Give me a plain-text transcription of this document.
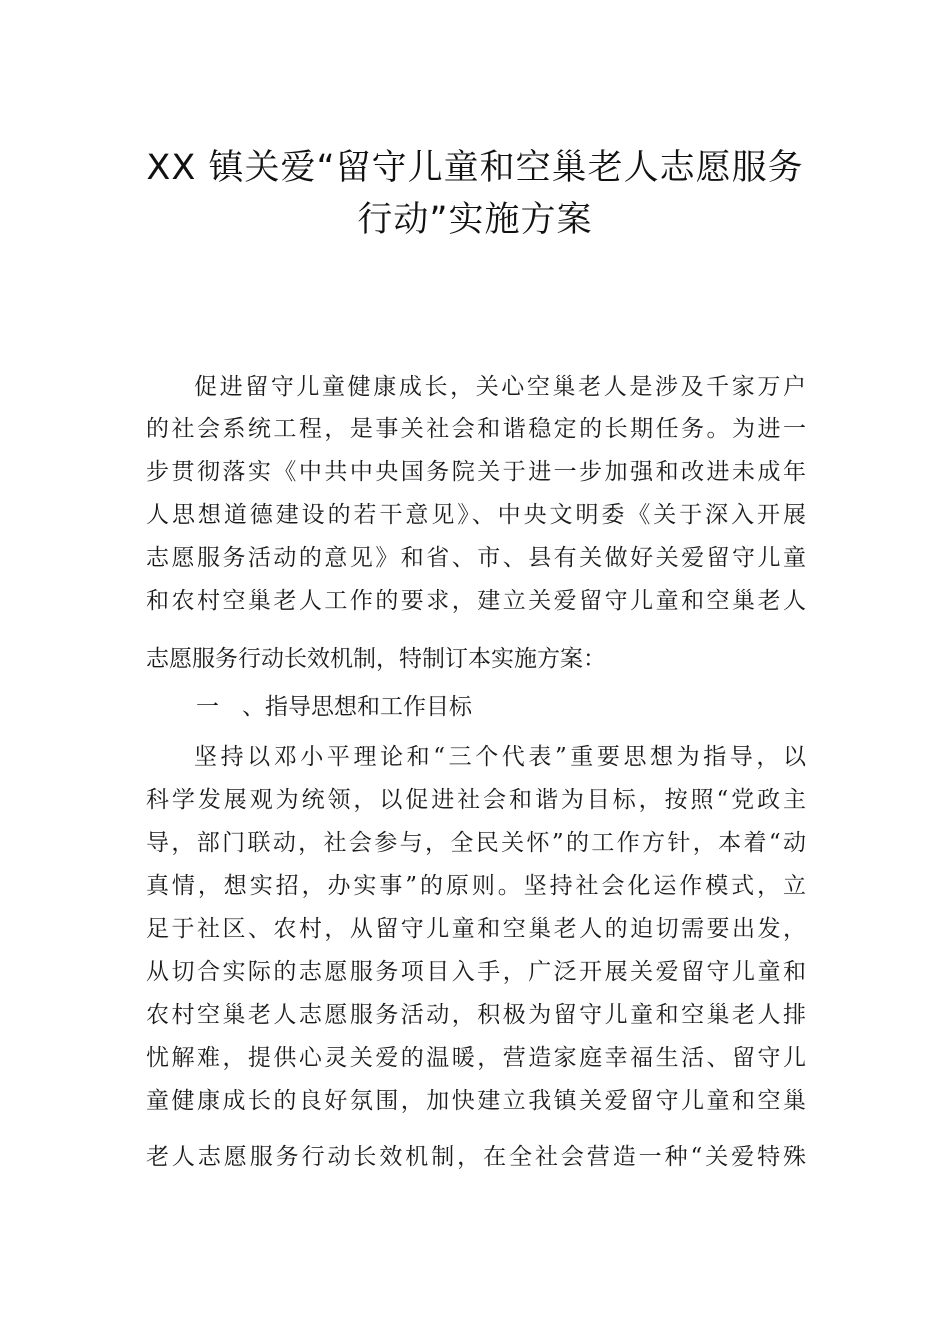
XX 镇关爱“留守儿童和空巢老人志愿服务
行动”实施方案
促进留守儿童健康成长，关心空巢老人是涉及千家万户
的社会系统工程，是事关社会和谐稳定的长期任务。为进一
步贯彻落实《中共中央国务院关于进一步加强和改进未成年
人思想道德建设的若干意见》、中央文明委《关于深入开展
志愿服务活动的意见》和省、市、县有关做好关爱留守儿童
和农村空巢老人工作的要求，建立关爱留守儿童和空巢老人
志愿服务行动长效机制，特制订本实施方案：
一　、指导思想和工作目标
坚持以邓小平理论和“三个代表”重要思想为指导，以
科学发展观为统领，以促进社会和谐为目标，按照“党政主
导，部门联动，社会参与，全民关怀”的工作方针，本着“动
真情，想实招，办实事”的原则。坚持社会化运作模式，立
足于社区、农村，从留守儿童和空巢老人的迫切需要出发，
从切合实际的志愿服务项目入手，广泛开展关爱留守儿童和
农村空巢老人志愿服务活动，积极为留守儿童和空巢老人排
忧解难，提供心灵关爱的温暖，营造家庭幸福生活、留守儿
童健康成长的良好氛围，加快建立我镇关爱留守儿童和空巢
老人志愿服务行动长效机制，在全社会营造一种“关爱特殊
